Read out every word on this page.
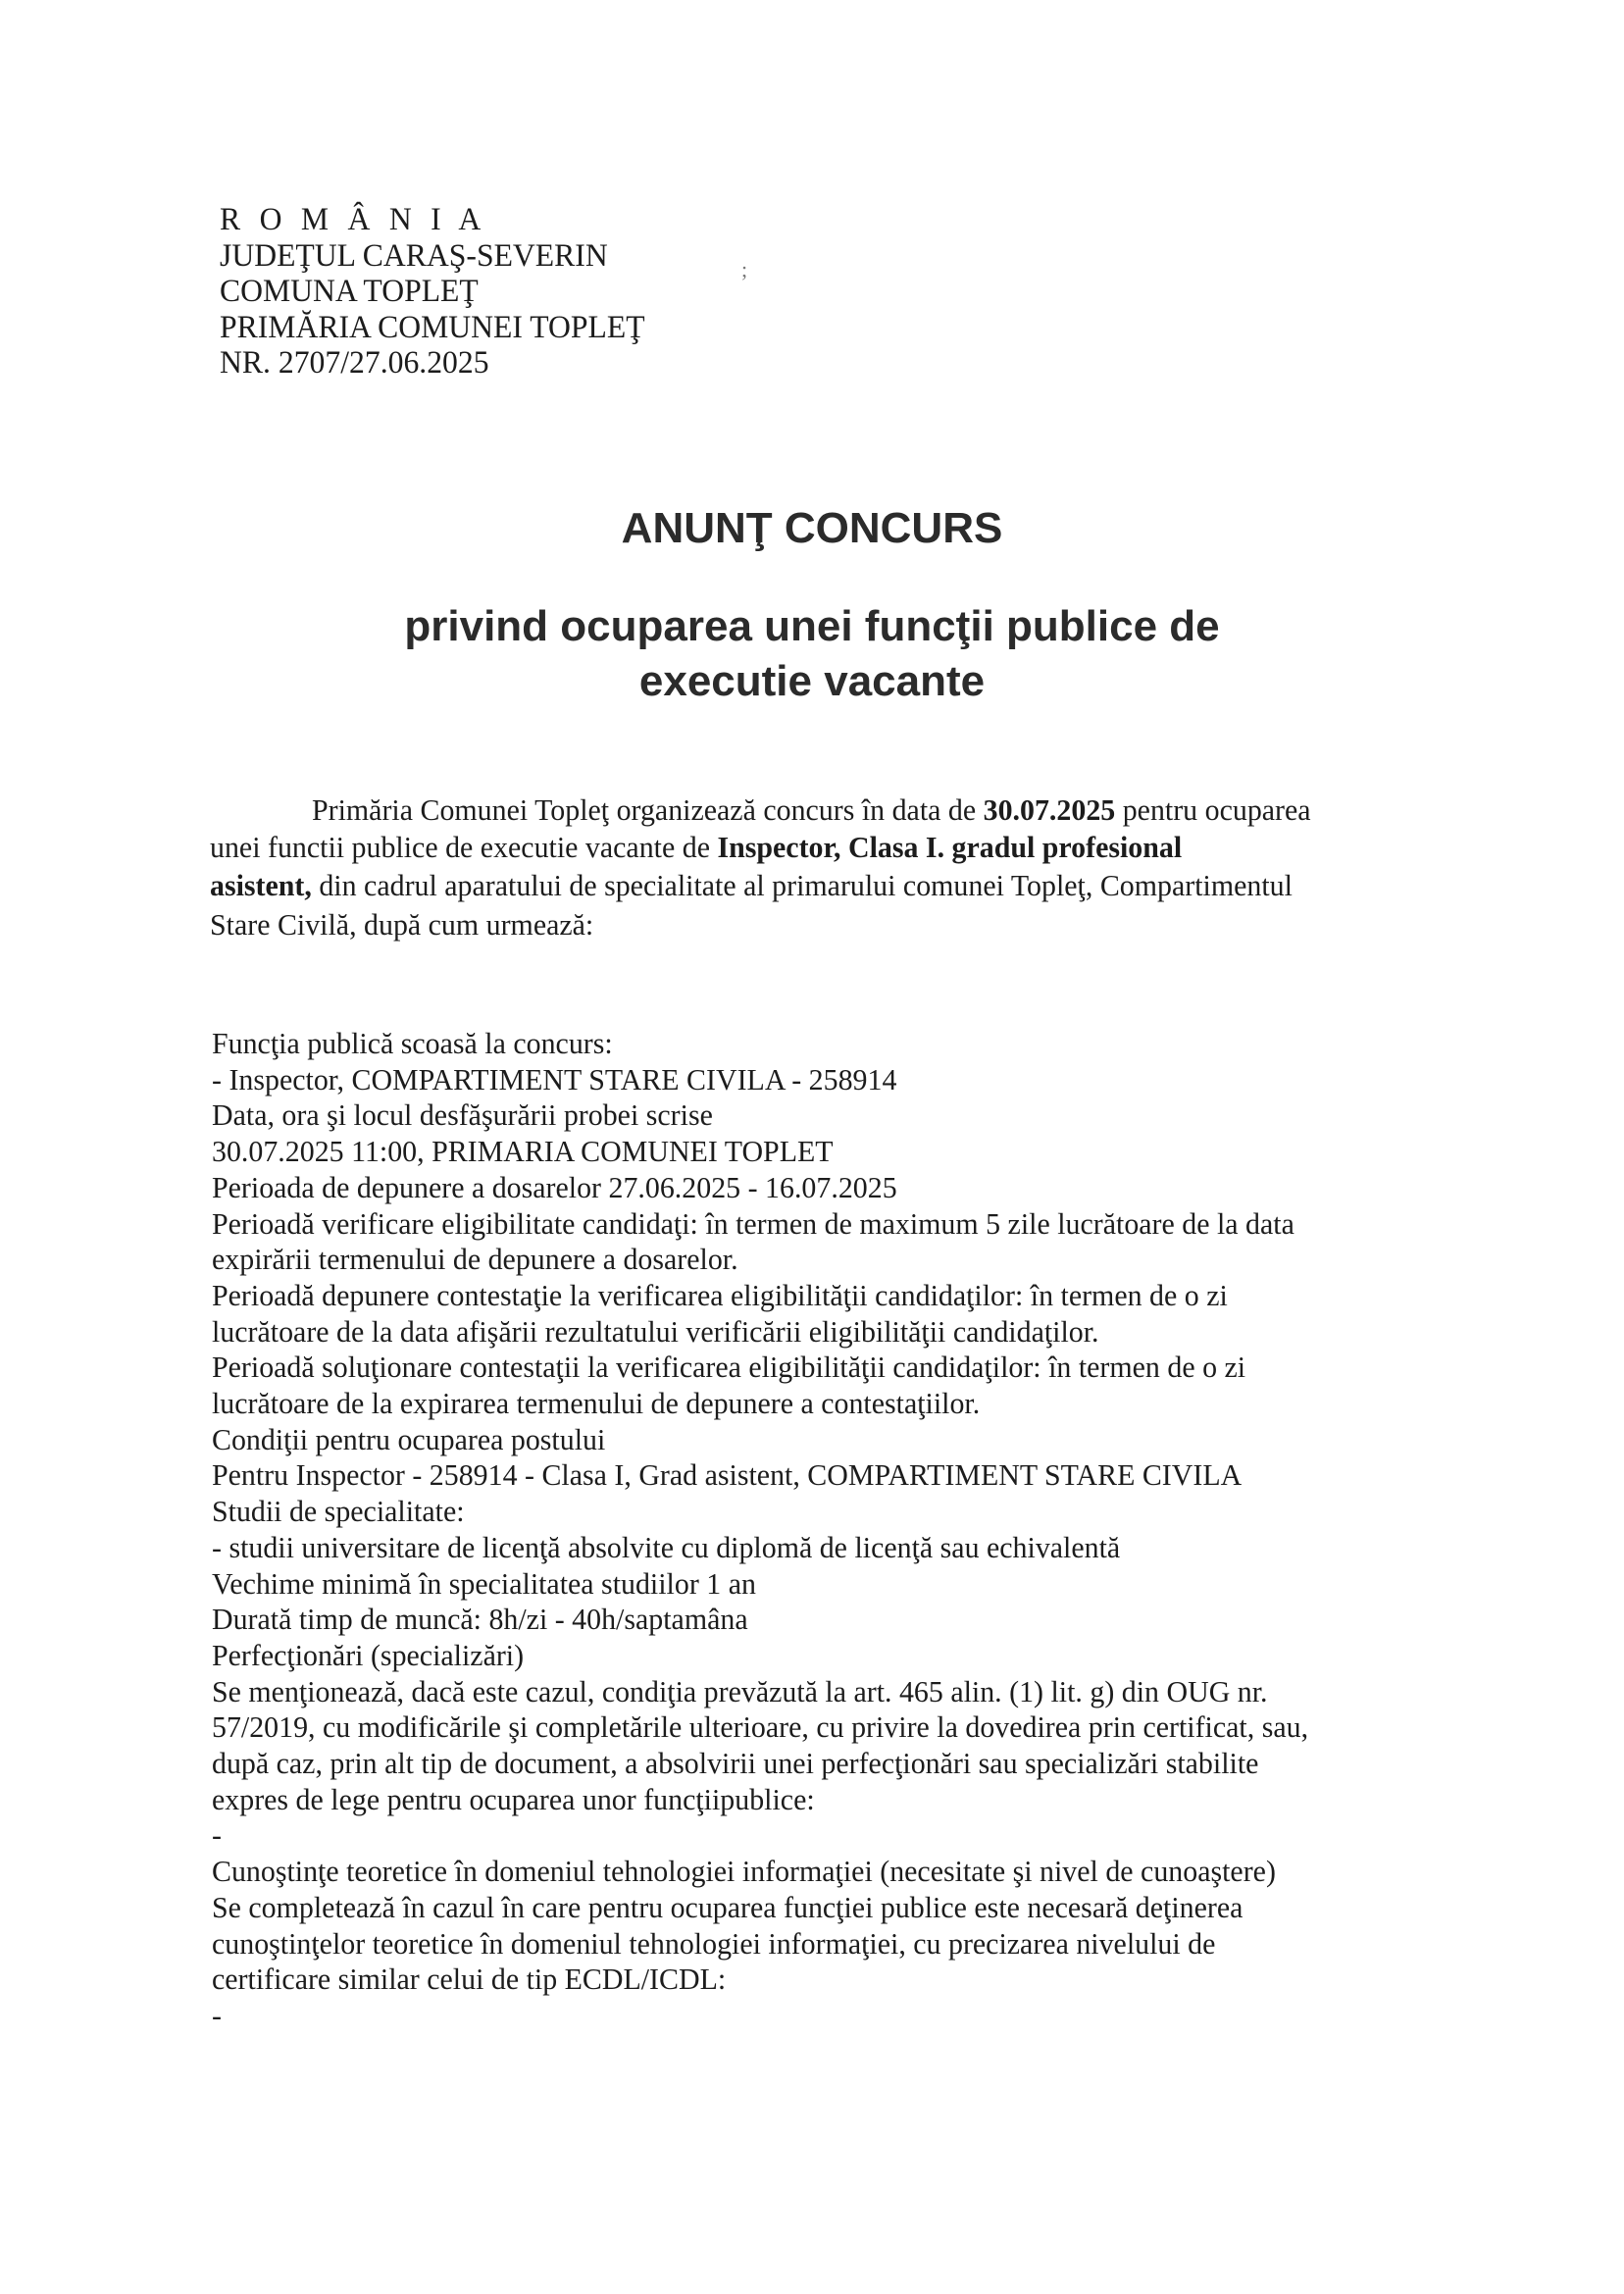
;
R O M Â N I A
JUDEŢUL CARAŞ-SEVERIN
COMUNA TOPLEŢ
PRIMĂRIA COMUNEI TOPLEŢ
NR. 2707/27.06.2025
ANUNŢ CONCURS
privind ocuparea unei funcţii publice de
executie vacante
Primăria Comunei Topleţ organizează concurs în data de 30.07.2025 pentru ocuparea
unei functii publice de executie vacante de Inspector, Clasa I. gradul profesional
asistent, din cadrul aparatului de specialitate al primarului comunei Topleţ, Compartimentul
Stare Civilă, după cum urmează:
Funcţia publică scoasă la concurs:
- Inspector, COMPARTIMENT STARE CIVILA - 258914
Data, ora şi locul desfăşurării probei scrise
30.07.2025 11:00, PRIMARIA COMUNEI TOPLET
Perioada de depunere a dosarelor 27.06.2025 - 16.07.2025
Perioadă verificare eligibilitate candidaţi: în termen de maximum 5 zile lucrătoare de la data
expirării termenului de depunere a dosarelor.
Perioadă depunere contestaţie la verificarea eligibilităţii candidaţilor: în termen de o zi
lucrătoare de la data afişării rezultatului verificării eligibilităţii candidaţilor.
Perioadă soluţionare contestaţii la verificarea eligibilităţii candidaţilor: în termen de o zi
lucrătoare de la expirarea termenului de depunere a contestaţiilor.
Condiţii pentru ocuparea postului
Pentru Inspector - 258914 - Clasa I, Grad asistent, COMPARTIMENT STARE CIVILA
Studii de specialitate:
- studii universitare de licenţă absolvite cu diplomă de licenţă sau echivalentă
Vechime minimă în specialitatea studiilor 1 an
Durată timp de muncă: 8h/zi - 40h/saptamâna
Perfecţionări (specializări)
Se menţionează, dacă este cazul, condiţia prevăzută la art. 465 alin. (1) lit. g) din OUG nr.
57/2019, cu modificările şi completările ulterioare, cu privire la dovedirea prin certificat, sau,
după caz, prin alt tip de document, a absolvirii unei perfecţionări sau specializări stabilite
expres de lege pentru ocuparea unor funcţiipublice:
-
Cunoştinţe teoretice în domeniul tehnologiei informaţiei (necesitate şi nivel de cunoaştere)
Se completează în cazul în care pentru ocuparea funcţiei publice este necesară deţinerea
cunoştinţelor teoretice în domeniul tehnologiei informaţiei, cu precizarea nivelului de
certificare similar celui de tip ECDL/ICDL:
-
